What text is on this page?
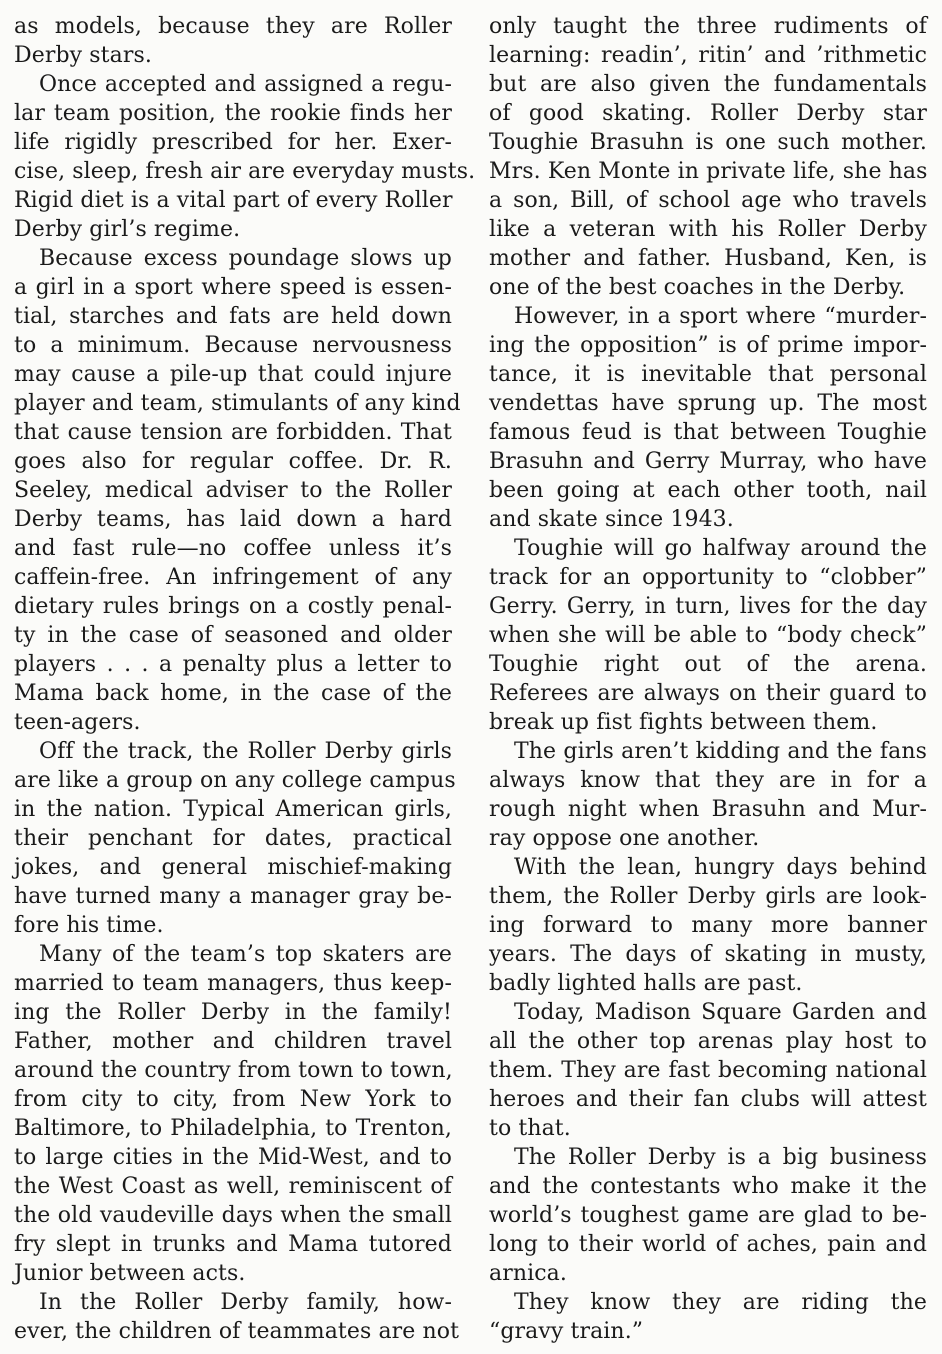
as models, because they are Roller
Derby stars.
Once accepted and assigned a regu-
lar team position, the rookie finds her
life rigidly prescribed for her. Exer-
cise, sleep, fresh air are everyday musts.
Rigid diet is a vital part of every Roller
Derby girl’s regime.
Because excess poundage slows up
a girl in a sport where speed is essen-
tial, starches and fats are held down
to a minimum. Because nervousness
may cause a pile-up that could injure
player and team, stimulants of any kind
that cause tension are forbidden. That
goes also for regular coffee. Dr. R.
Seeley, medical adviser to the Roller
Derby teams, has laid down a hard
and fast rule—no coffee unless it’s
caffein-free. An infringement of any
dietary rules brings on a costly penal-
ty in the case of seasoned and older
players . . . a penalty plus a letter to
Mama back home, in the case of the
teen-agers.
Off the track, the Roller Derby girls
are like a group on any college campus
in the nation. Typical American girls,
their penchant for dates, practical
jokes, and general mischief-making
have turned many a manager gray be-
fore his time.
Many of the team’s top skaters are
married to team managers, thus keep-
ing the Roller Derby in the family!
Father, mother and children travel
around the country from town to town,
from city to city, from New York to
Baltimore, to Philadelphia, to Trenton,
to large cities in the Mid-West, and to
the West Coast as well, reminiscent of
the old vaudeville days when the small
fry slept in trunks and Mama tutored
Junior between acts.
In the Roller Derby family, how-
ever, the children of teammates are not
only taught the three rudiments of
learning: readin’, ritin’ and ’rithmetic
but are also given the fundamentals
of good skating. Roller Derby star
Toughie Brasuhn is one such mother.
Mrs. Ken Monte in private life, she has
a son, Bill, of school age who travels
like a veteran with his Roller Derby
mother and father. Husband, Ken, is
one of the best coaches in the Derby.
However, in a sport where “murder-
ing the opposition” is of prime impor-
tance, it is inevitable that personal
vendettas have sprung up. The most
famous feud is that between Toughie
Brasuhn and Gerry Murray, who have
been going at each other tooth, nail
and skate since 1943.
Toughie will go halfway around the
track for an opportunity to “clobber”
Gerry. Gerry, in turn, lives for the day
when she will be able to “body check”
Toughie right out of the arena.
Referees are always on their guard to
break up fist fights between them.
The girls aren’t kidding and the fans
always know that they are in for a
rough night when Brasuhn and Mur-
ray oppose one another.
With the lean, hungry days behind
them, the Roller Derby girls are look-
ing forward to many more banner
years. The days of skating in musty,
badly lighted halls are past.
Today, Madison Square Garden and
all the other top arenas play host to
them. They are fast becoming national
heroes and their fan clubs will attest
to that.
The Roller Derby is a big business
and the contestants who make it the
world’s toughest game are glad to be-
long to their world of aches, pain and
arnica.
They know they are riding the
“gravy train.”
